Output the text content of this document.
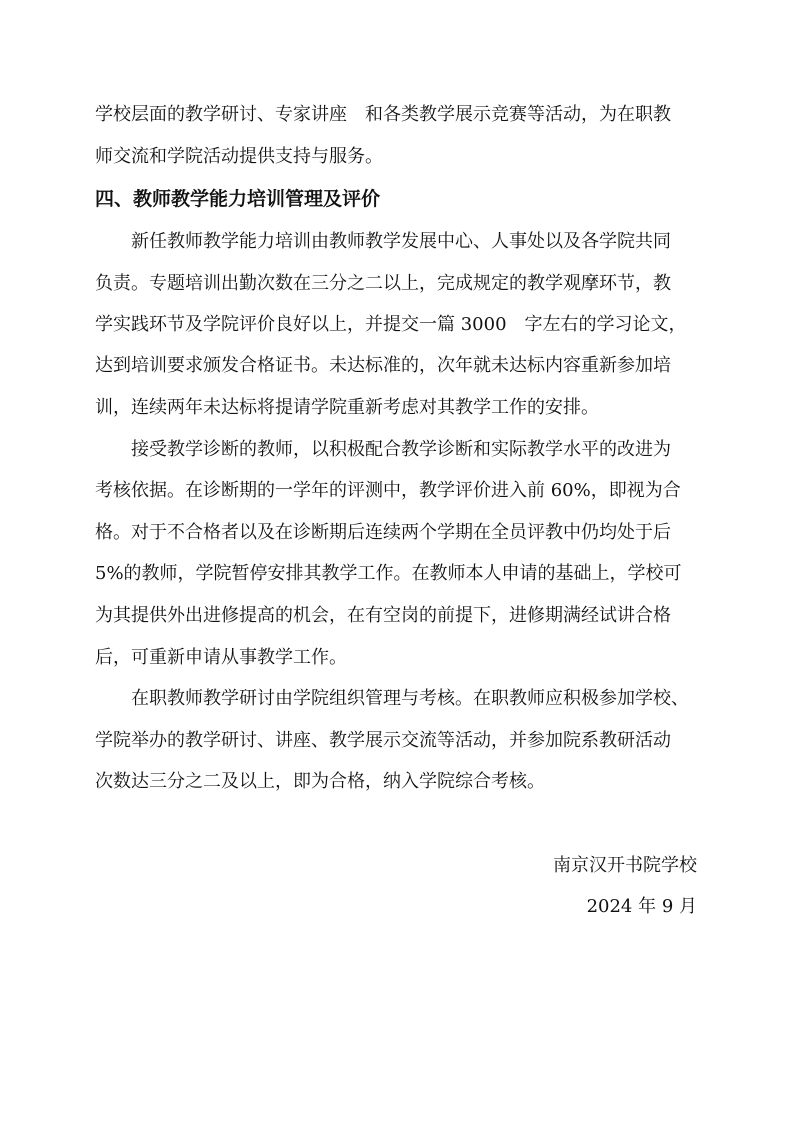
学校层面的教学研讨、专家讲座　和各类教学展示竞赛等活动，为在职教
师交流和学院活动提供支持与服务。
四、教师教学能力培训管理及评价
　　新任教师教学能力培训由教师教学发展中心、人事处以及各学院共同
负责。专题培训出勤次数在三分之二以上，完成规定的教学观摩环节，教
学实践环节及学院评价良好以上，并提交一篇 3000　字左右的学习论文，
达到培训要求颁发合格证书。未达标准的，次年就未达标内容重新参加培
训，连续两年未达标将提请学院重新考虑对其教学工作的安排。
　　接受教学诊断的教师，以积极配合教学诊断和实际教学水平的改进为
考核依据。在诊断期的一学年的评测中，教学评价进入前 60%，即视为合
格。对于不合格者以及在诊断期后连续两个学期在全员评教中仍均处于后
5%的教师，学院暂停安排其教学工作。在教师本人申请的基础上，学校可
为其提供外出进修提高的机会，在有空岗的前提下，进修期满经试讲合格
后，可重新申请从事教学工作。
　　在职教师教学研讨由学院组织管理与考核。在职教师应积极参加学校、
学院举办的教学研讨、讲座、教学展示交流等活动，并参加院系教研活动
次数达三分之二及以上，即为合格，纳入学院综合考核。
南京汉开书院学校
2024 年 9 月
